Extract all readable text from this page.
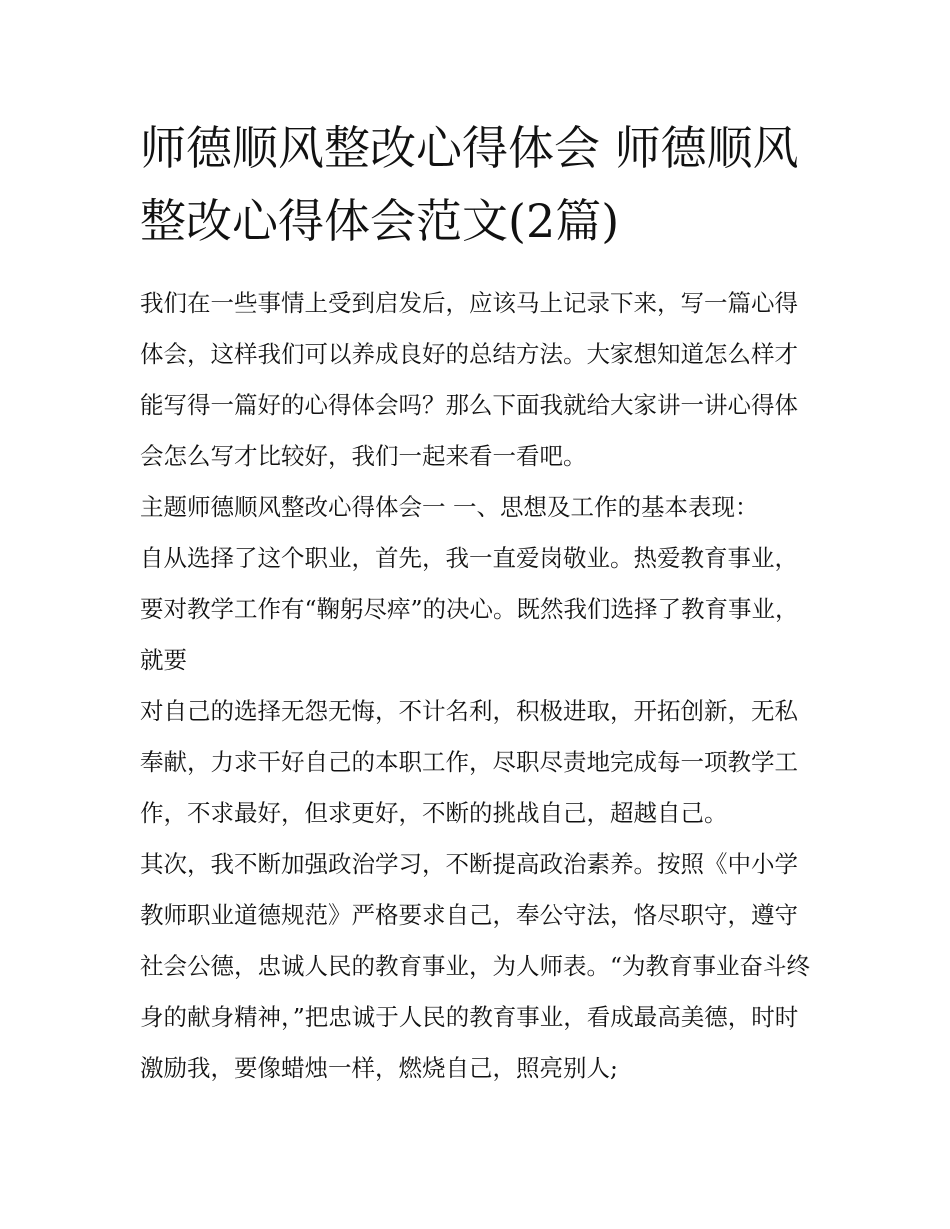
师德顺风整改心得体会 师德顺风整改心得体会范文(2篇)

我们在一些事情上受到启发后，应该马上记录下来，写一篇心得体会，这样我们可以养成良好的总结方法。大家想知道怎么样才能写得一篇好的心得体会吗？那么下面我就给大家讲一讲心得体会怎么写才比较好，我们一起来看一看吧。

主题师德顺风整改心得体会一 一、思想及工作的基本表现：

自从选择了这个职业，首先，我一直爱岗敬业。热爱教育事业，要对教学工作有“鞠躬尽瘁”的决心。既然我们选择了教育事业，就要

对自己的选择无怨无悔，不计名利，积极进取，开拓创新，无私奉献，力求干好自己的本职工作，尽职尽责地完成每一项教学工作，不求最好，但求更好，不断的挑战自己，超越自己。

其次，我不断加强政治学习，不断提高政治素养。按照《中小学教师职业道德规范》严格要求自己，奉公守法，恪尽职守，遵守社会公德，忠诚人民的教育事业，为人师表。“为教育事业奋斗终身的献身精神，”把忠诚于人民的教育事业，看成最高美德，时时激励我，要像蜡烛一样，燃烧自己，照亮别人;
